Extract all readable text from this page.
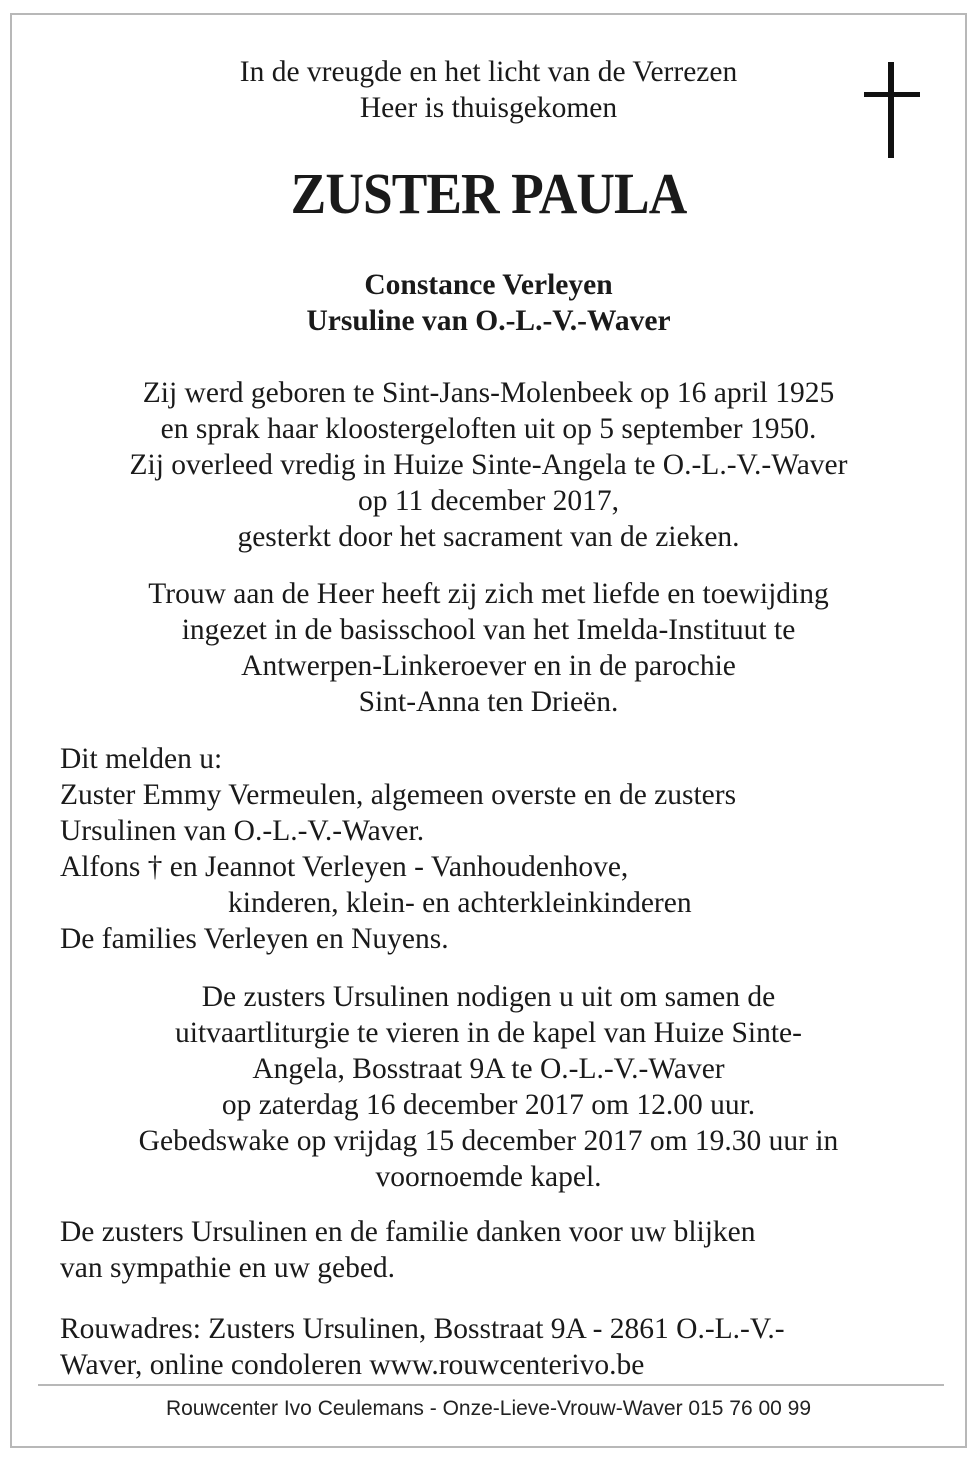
In de vreugde en het licht van de Verrezen
Heer is thuisgekomen

ZUSTER PAULA

Constance Verleyen
Ursuline van O.-L.-V.-Waver

Zij werd geboren te Sint-Jans-Molenbeek op 16 april 1925
en sprak haar kloostergeloften uit op 5 september 1950.
Zij overleed vredig in Huize Sinte-Angela te O.-L.-V.-Waver
op 11 december 2017,
gesterkt door het sacrament van de zieken.

Trouw aan de Heer heeft zij zich met liefde en toewijding
ingezet in de basisschool van het Imelda-Instituut te
Antwerpen-Linkeroever en in de parochie
Sint-Anna ten Drieën.

Dit melden u:
Zuster Emmy Vermeulen, algemeen overste en de zusters
Ursulinen van O.-L.-V.-Waver.
Alfons † en Jeannot Verleyen - Vanhoudenhove,
kinderen, klein- en achterkleinkinderen
De families Verleyen en Nuyens.

De zusters Ursulinen nodigen u uit om samen de
uitvaartliturgie te vieren in de kapel van Huize Sinte-
Angela, Bosstraat 9A te O.-L.-V.-Waver
op zaterdag 16 december 2017 om 12.00 uur.
Gebedswake op vrijdag 15 december 2017 om 19.30 uur in
voornoemde kapel.

De zusters Ursulinen en de familie danken voor uw blijken
van sympathie en uw gebed.

Rouwadres: Zusters Ursulinen, Bosstraat 9A - 2861 O.-L.-V.-
Waver, online condoleren www.rouwcenterivo.be

Rouwcenter Ivo Ceulemans - Onze-Lieve-Vrouw-Waver 015 76 00 99
